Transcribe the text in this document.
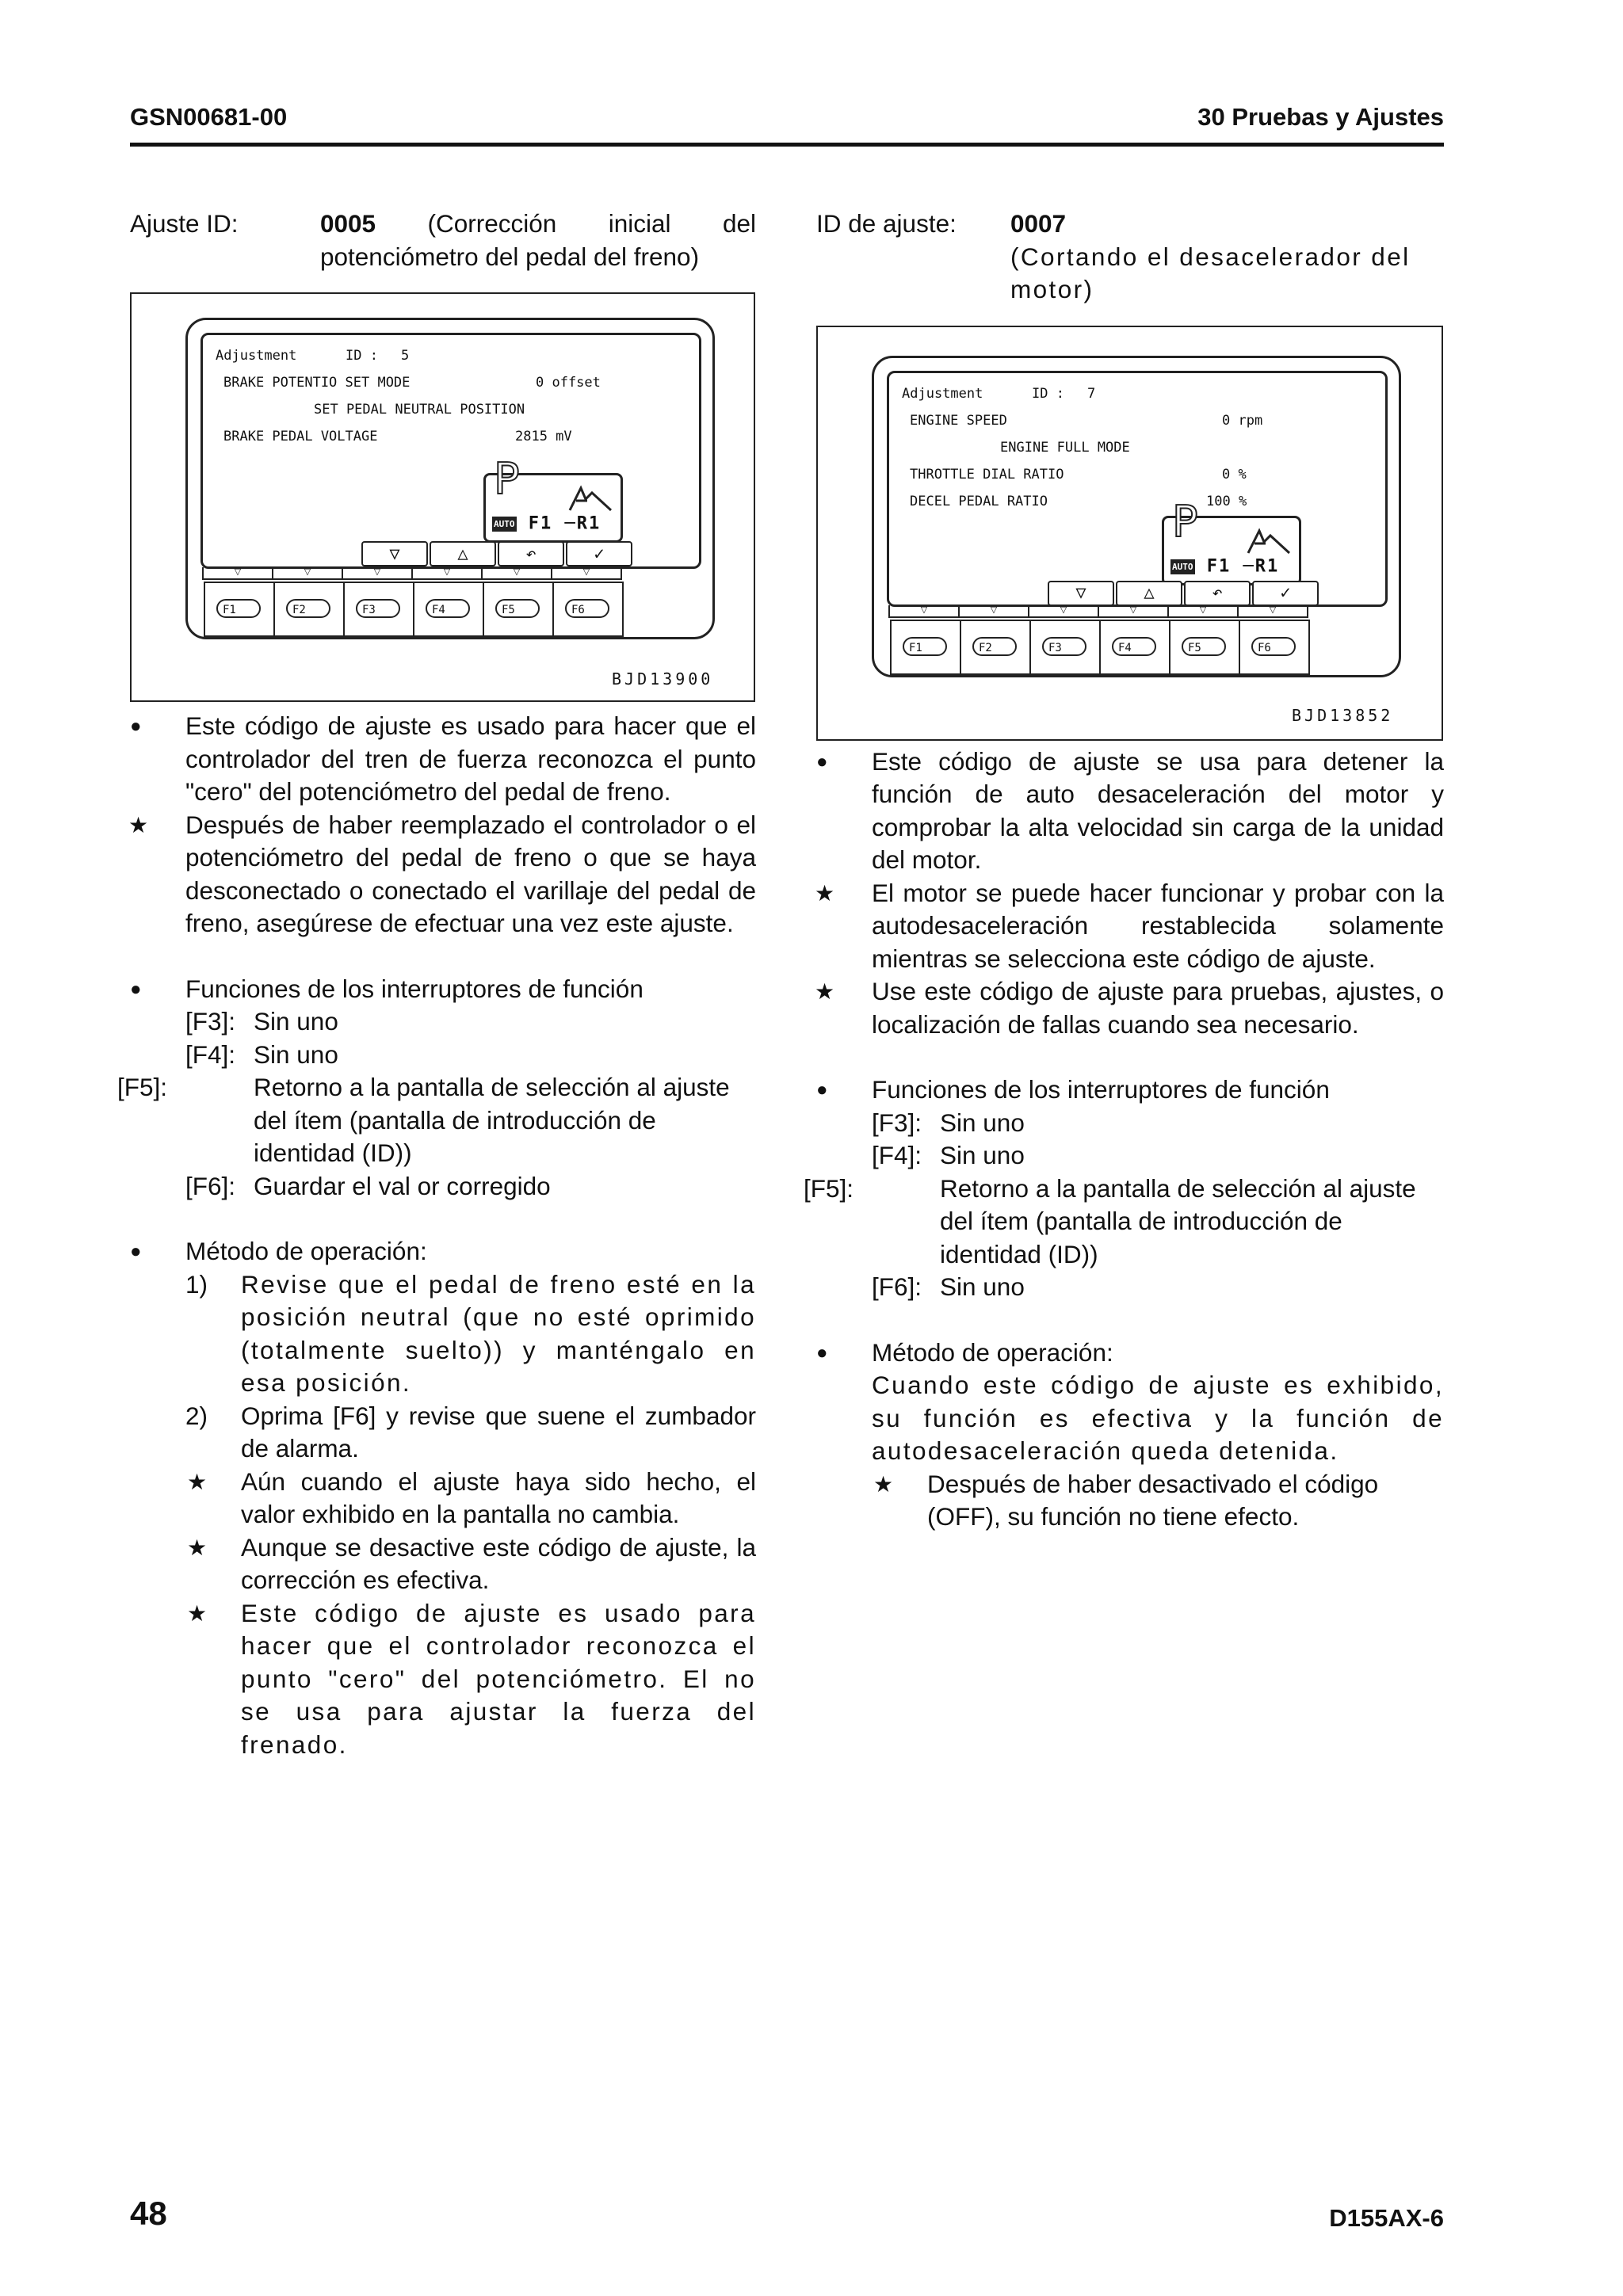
GSN00681-00	30 Pruebas y Ajustes
Ajuste ID:	0005 (Corrección inicial del potenciómetro del pedal del freno)
Adjustment	ID : 5
BRAKE POTENTIO SET MODE	0 offset
SET PEDAL NEUTRAL POSITION
BRAKE PEDAL VOLTAGE	2815 mV
P
AUTO F1 ─R1
▽	△	↶	✓
▽	▽	▽	▽	▽	▽
F1	F2	F3	F4	F5	F6
BJD13900
● Este código de ajuste es usado para hacer que el controlador del tren de fuerza reconozca el punto "cero" del potenciómetro del pedal de freno.
★ Después de haber reemplazado el controlador o el potenciómetro del pedal de freno o que se haya desconectado o conectado el varillaje del pedal de freno, asegúrese de efectuar una vez este ajuste.
● Funciones de los interruptores de función
[F3]: Sin uno
[F4]: Sin uno
[F5]:	Retorno a la pantalla de selección al ajuste del ítem (pantalla de introducción de identidad (ID))
[F6]: Guardar el val or corregido
● Método de operación:
1) Revise que el pedal de freno esté en la posición neutral (que no esté oprimido (totalmente suelto)) y manténgalo en esa posición.
2) Oprima [F6] y revise que suene el zumbador de alarma.
★ Aún cuando el ajuste haya sido hecho, el valor exhibido en la pantalla no cambia.
★ Aunque se desactive este código de ajuste, la corrección es efectiva.
★ Este código de ajuste es usado para hacer que el controlador reconozca el punto "cero" del potenciómetro. El no se usa para ajustar la fuerza del frenado.
ID de ajuste: 0007
(Cortando el desacelerador del motor)
Adjustment	ID : 7
ENGINE SPEED	0 rpm
ENGINE FULL MODE
THROTTLE DIAL RATIO	0 %
DECEL PEDAL RATIO	100 %
P
AUTO F1 ─R1
▽	△	↶	✓
▽	▽	▽	▽	▽	▽
F1	F2	F3	F4	F5	F6
BJD13852
● Este código de ajuste se usa para detener la función de auto desaceleración del motor y comprobar la alta velocidad sin carga de la unidad del motor.
★ El motor se puede hacer funcionar y probar con la autodesaceleración restablecida solamente mientras se selecciona este código de ajuste.
★ Use este código de ajuste para pruebas, ajustes, o localización de fallas cuando sea necesario.
● Funciones de los interruptores de función
[F3]: Sin uno
[F4]: Sin uno
[F5]:	Retorno a la pantalla de selección al ajuste del ítem (pantalla de introducción de identidad (ID))
[F6]: Sin uno
● Método de operación:
Cuando este código de ajuste es exhibido, su función es efectiva y la función de autodesaceleración queda detenida.
★ Después de haber desactivado el código (OFF), su función no tiene efecto.
48	D155AX-6
